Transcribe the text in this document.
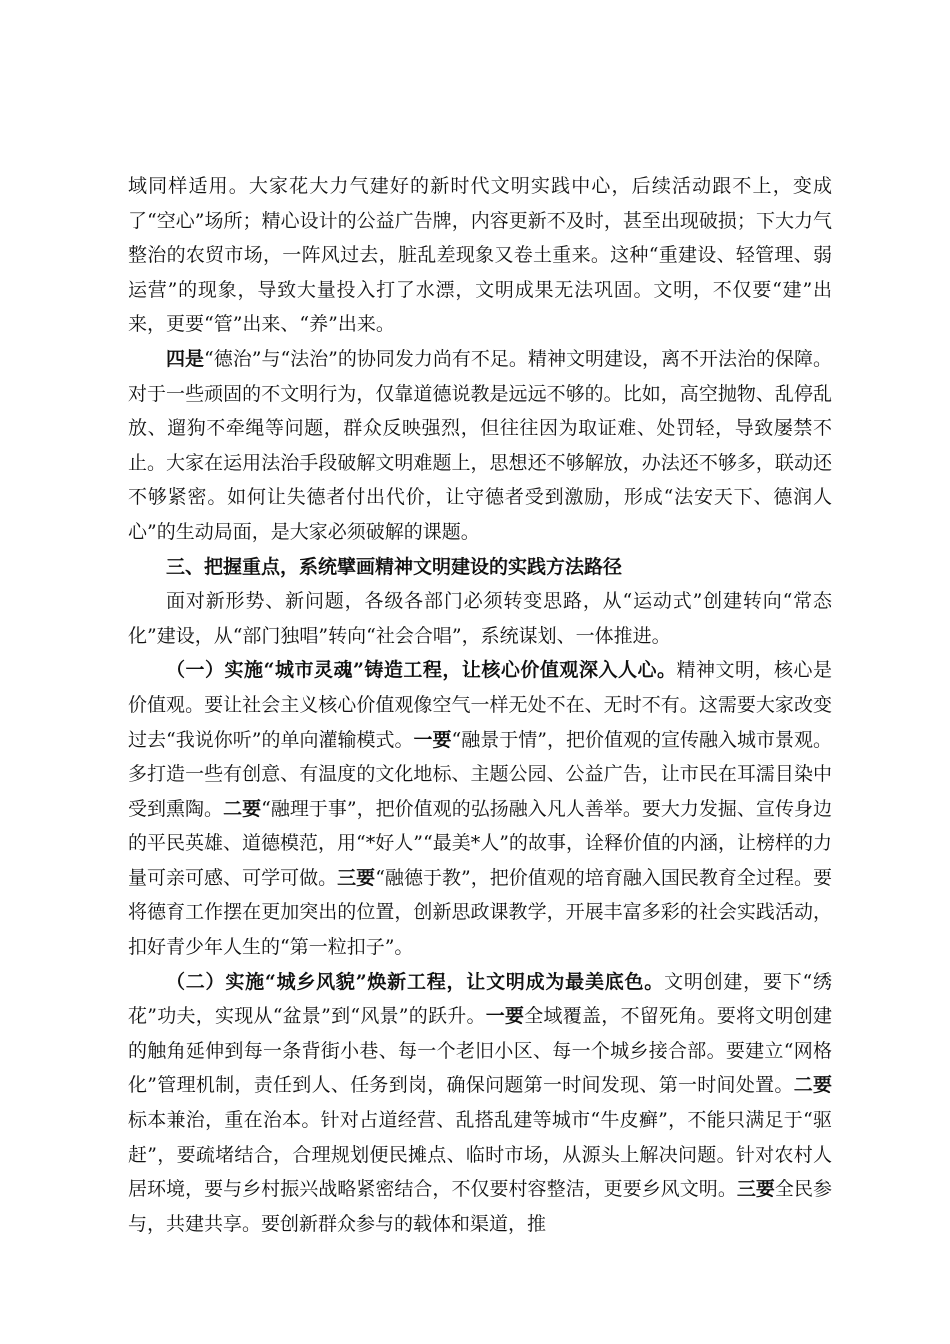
域同样适用。大家花大力气建好的新时代文明实践中心，后续活动跟不上，变成了“空心”场所；精心设计的公益广告牌，内容更新不及时，甚至出现破损；下大力气整治的农贸市场，一阵风过去，脏乱差现象又卷土重来。这种“重建设、轻管理、弱运营”的现象，导致大量投入打了水漂，文明成果无法巩固。文明，不仅要“建”出来，更要“管”出来、“养”出来。

四是“德治”与“法治”的协同发力尚有不足。精神文明建设，离不开法治的保障。对于一些顽固的不文明行为，仅靠道德说教是远远不够的。比如，高空抛物、乱停乱放、遛狗不牵绳等问题，群众反映强烈，但往往因为取证难、处罚轻，导致屡禁不止。大家在运用法治手段破解文明难题上，思想还不够解放，办法还不够多，联动还不够紧密。如何让失德者付出代价，让守德者受到激励，形成“法安天下、德润人心”的生动局面，是大家必须破解的课题。

三、把握重点，系统擘画精神文明建设的实践方法路径

面对新形势、新问题，各级各部门必须转变思路，从“运动式”创建转向“常态化”建设，从“部门独唱”转向“社会合唱”，系统谋划、一体推进。

（一）实施“城市灵魂”铸造工程，让核心价值观深入人心。精神文明，核心是价值观。要让社会主义核心价值观像空气一样无处不在、无时不有。这需要大家改变过去“我说你听”的单向灌输模式。一要“融景于情”，把价值观的宣传融入城市景观。多打造一些有创意、有温度的文化地标、主题公园、公益广告，让市民在耳濡目染中受到熏陶。二要“融理于事”，把价值观的弘扬融入凡人善举。要大力发掘、宣传身边的平民英雄、道德模范，用“*好人”“最美*人”的故事，诠释价值的内涵，让榜样的力量可亲可感、可学可做。三要“融德于教”，把价值观的培育融入国民教育全过程。要将德育工作摆在更加突出的位置，创新思政课教学，开展丰富多彩的社会实践活动，扣好青少年人生的“第一粒扣子”。

（二）实施“城乡风貌”焕新工程，让文明成为最美底色。文明创建，要下“绣花”功夫，实现从“盆景”到“风景”的跃升。一要全域覆盖，不留死角。要将文明创建的触角延伸到每一条背街小巷、每一个老旧小区、每一个城乡接合部。要建立“网格化”管理机制，责任到人、任务到岗，确保问题第一时间发现、第一时间处置。二要标本兼治，重在治本。针对占道经营、乱搭乱建等城市“牛皮癣”，不能只满足于“驱赶”，要疏堵结合，合理规划便民摊点、临时市场，从源头上解决问题。针对农村人居环境，要与乡村振兴战略紧密结合，不仅要村容整洁，更要乡风文明。三要全民参与，共建共享。要创新群众参与的载体和渠道，推
